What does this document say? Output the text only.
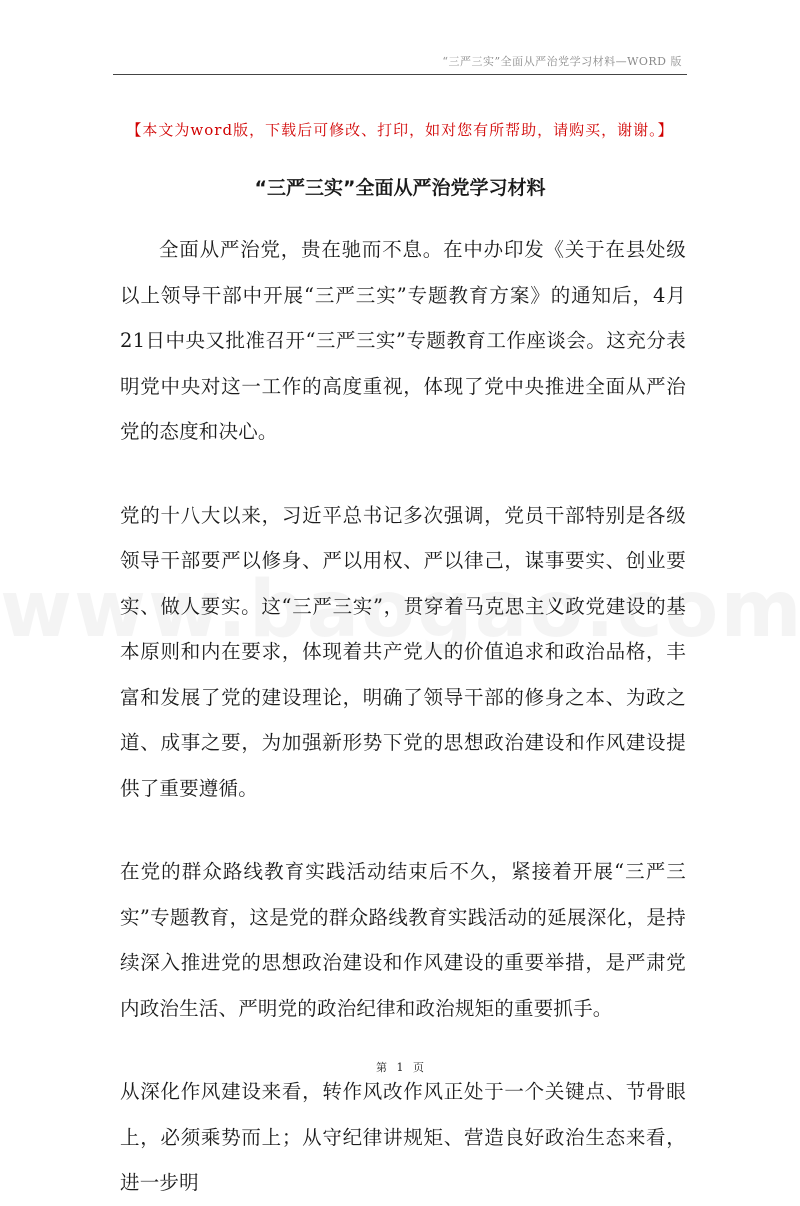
“三严三实”全面从严治党学习材料—WORD 版
【本文为word版，下载后可修改、打印，如对您有所帮助，请购买，谢谢。】
“三严三实”全面从严治党学习材料

全面从严治党，贵在驰而不息。在中办印发《关于在县处级以上领导干部中开展“三严三实”专题教育方案》的通知后，4月21日中央又批准召开“三严三实”专题教育工作座谈会。这充分表明党中央对这一工作的高度重视，体现了党中央推进全面从严治党的态度和决心。

党的十八大以来，习近平总书记多次强调，党员干部特别是各级领导干部要严以修身、严以用权、严以律己，谋事要实、创业要实、做人要实。这“三严三实”，贯穿着马克思主义政党建设的基本原则和内在要求，体现着共产党人的价值追求和政治品格，丰富和发展了党的建设理论，明确了领导干部的修身之本、为政之道、成事之要，为加强新形势下党的思想政治建设和作风建设提供了重要遵循。

在党的群众路线教育实践活动结束后不久，紧接着开展“三严三实”专题教育，这是党的群众路线教育实践活动的延展深化，是持续深入推进党的思想政治建设和作风建设的重要举措，是严肃党内政治生活、严明党的政治纪律和政治规矩的重要抓手。

从深化作风建设来看，转作风改作风正处于一个关键点、节骨眼上，必须乘势而上；从守纪律讲规矩、营造良好政治生态来看，进一步明

第 1 页
